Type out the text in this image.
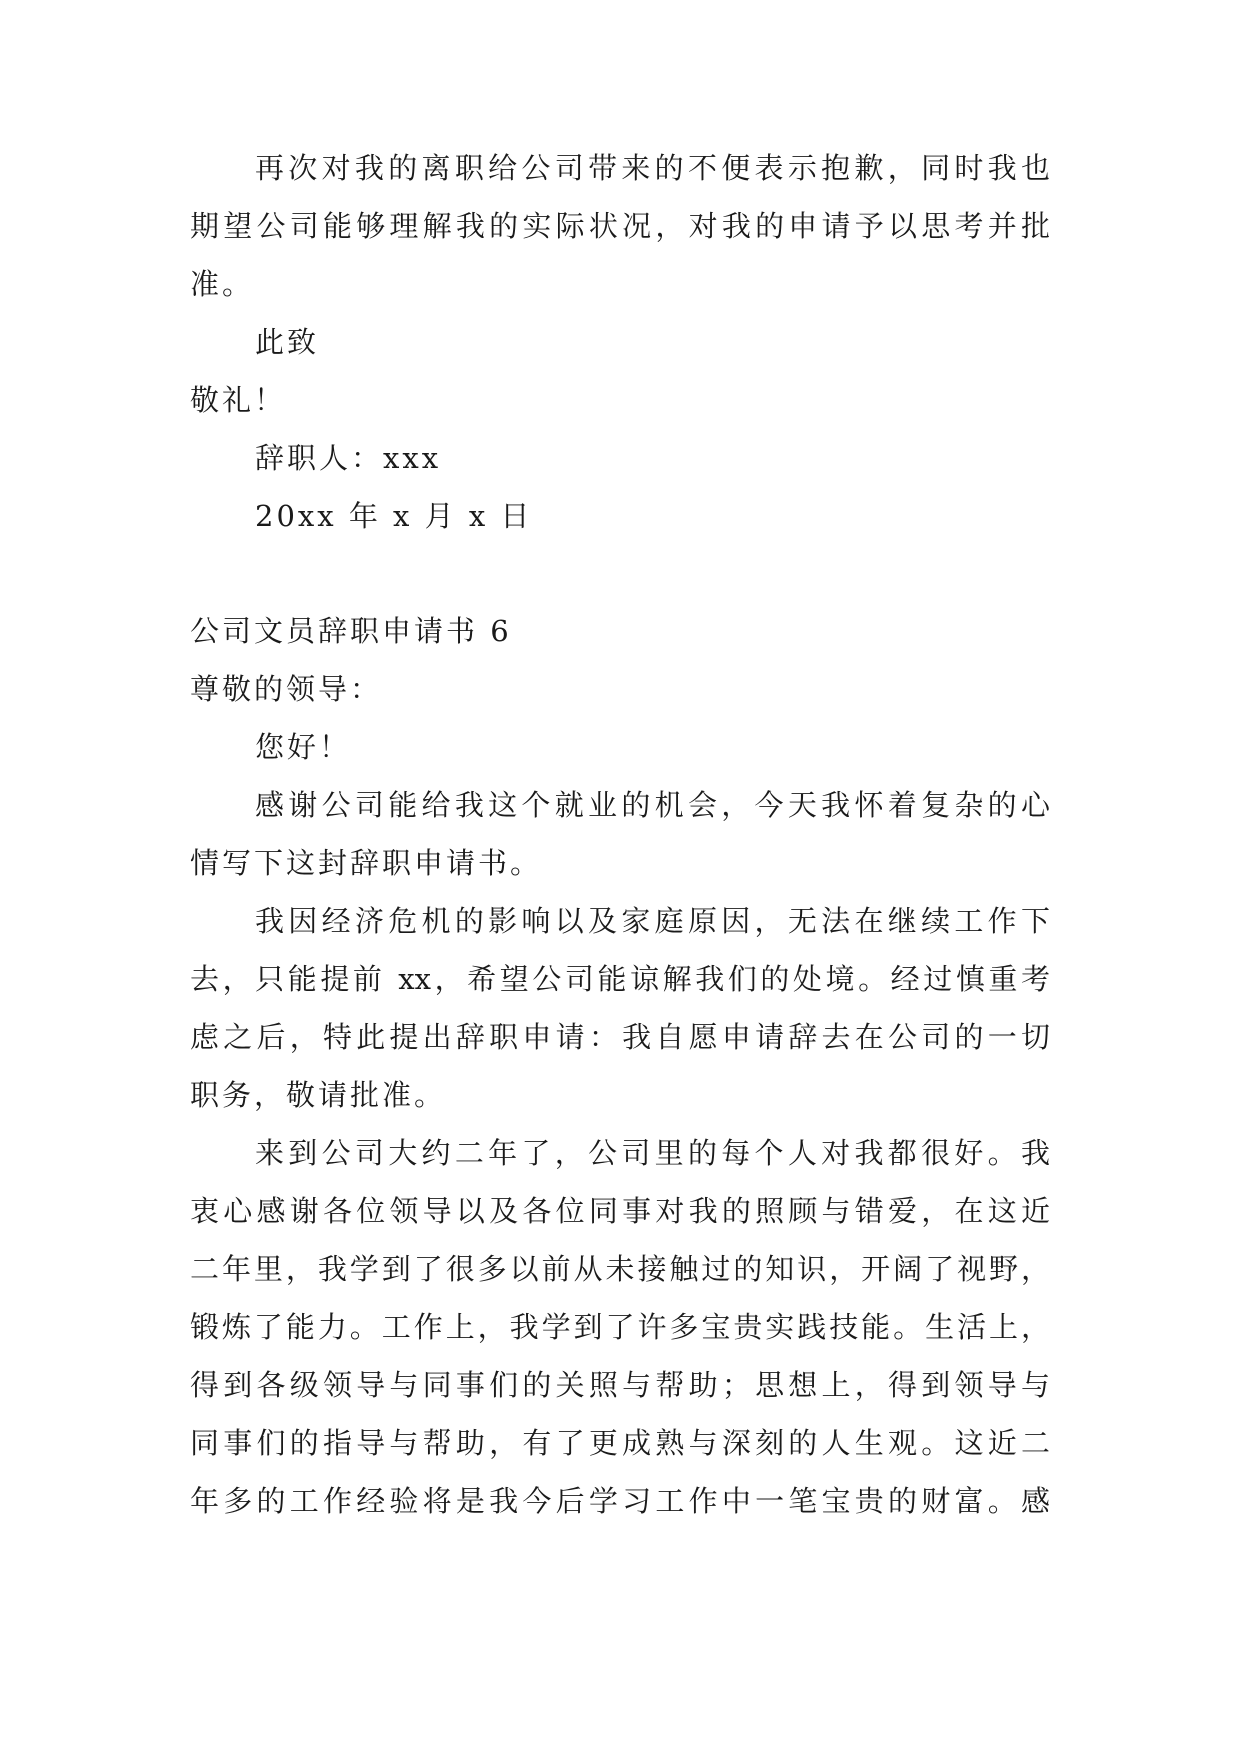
再次对我的离职给公司带来的不便表示抱歉，同时我也
期望公司能够理解我的实际状况，对我的申请予以思考并批
准。
此致
敬礼！
辞职人：xxx
20xx 年 x 月 x 日
公司文员辞职申请书 6
尊敬的领导：
您好！
感谢公司能给我这个就业的机会，今天我怀着复杂的心
情写下这封辞职申请书。
我因经济危机的影响以及家庭原因，无法在继续工作下
去，只能提前 xx，希望公司能谅解我们的处境。经过慎重考
虑之后，特此提出辞职申请：我自愿申请辞去在公司的一切
职务，敬请批准。
来到公司大约二年了，公司里的每个人对我都很好。我
衷心感谢各位领导以及各位同事对我的照顾与错爱，在这近
二年里，我学到了很多以前从未接触过的知识，开阔了视野，
锻炼了能力。工作上，我学到了许多宝贵实践技能。生活上，
得到各级领导与同事们的关照与帮助；思想上，得到领导与
同事们的指导与帮助，有了更成熟与深刻的人生观。这近二
年多的工作经验将是我今后学习工作中一笔宝贵的财富。感
